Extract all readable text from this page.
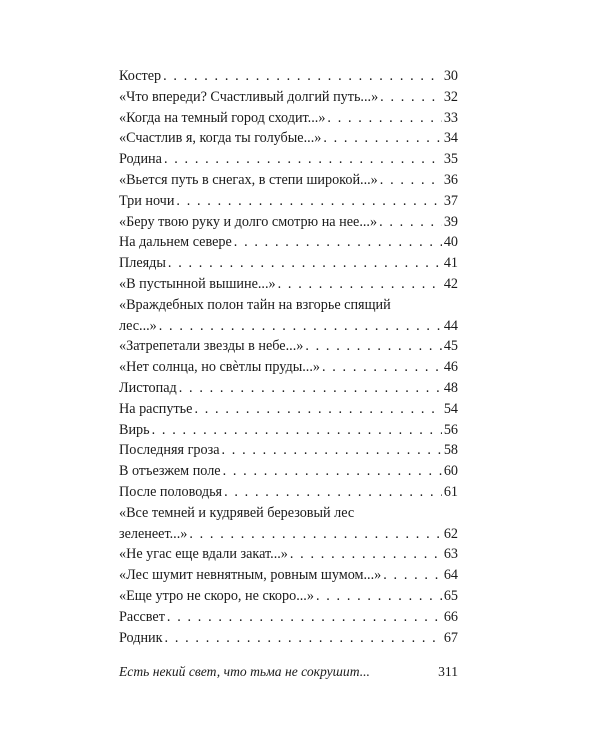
Костер . . .	30
«Что впереди? Счастливый долгий путь...» . . .	32
«Когда на темный город сходит...» . . .	33
«Счастлив я, когда ты голубые...» . . .	34
Родина . . .	35
«Вьется путь в снегах, в степи широкой...» . . .	36
Три ночи . . .	37
«Беру твою руку и долго смотрю на нее...» . . .	39
На дальнем севере . . .	40
Плеяды . . .	41
«В пустынной вышине...» . . .	42
«Враждебных полон тайн на взгорье спящий
лес...» . . .	44
«Затрепетали звезды в небе...» . . .	45
«Нет солнца, но свѐтлы пруды...» . . .	46
Листопад . . .	48
На распутье . . .	54
Вирь . . .	56
Последняя гроза . . .	58
В отъезжем поле . . .	60
После половодья . . .	61
«Все темней и кудрявей березовый лес
зеленеет...» . . .	62
«Не угас еще вдали закат...» . . .	63
«Лес шумит невнятным, ровным шумом...» . . .	64
«Еще утро не скоро, не скоро...» . . .	65
Рассвет . . .	66
Родник . . .	67
Есть некий свет, что тьма не сокрушит...	311
